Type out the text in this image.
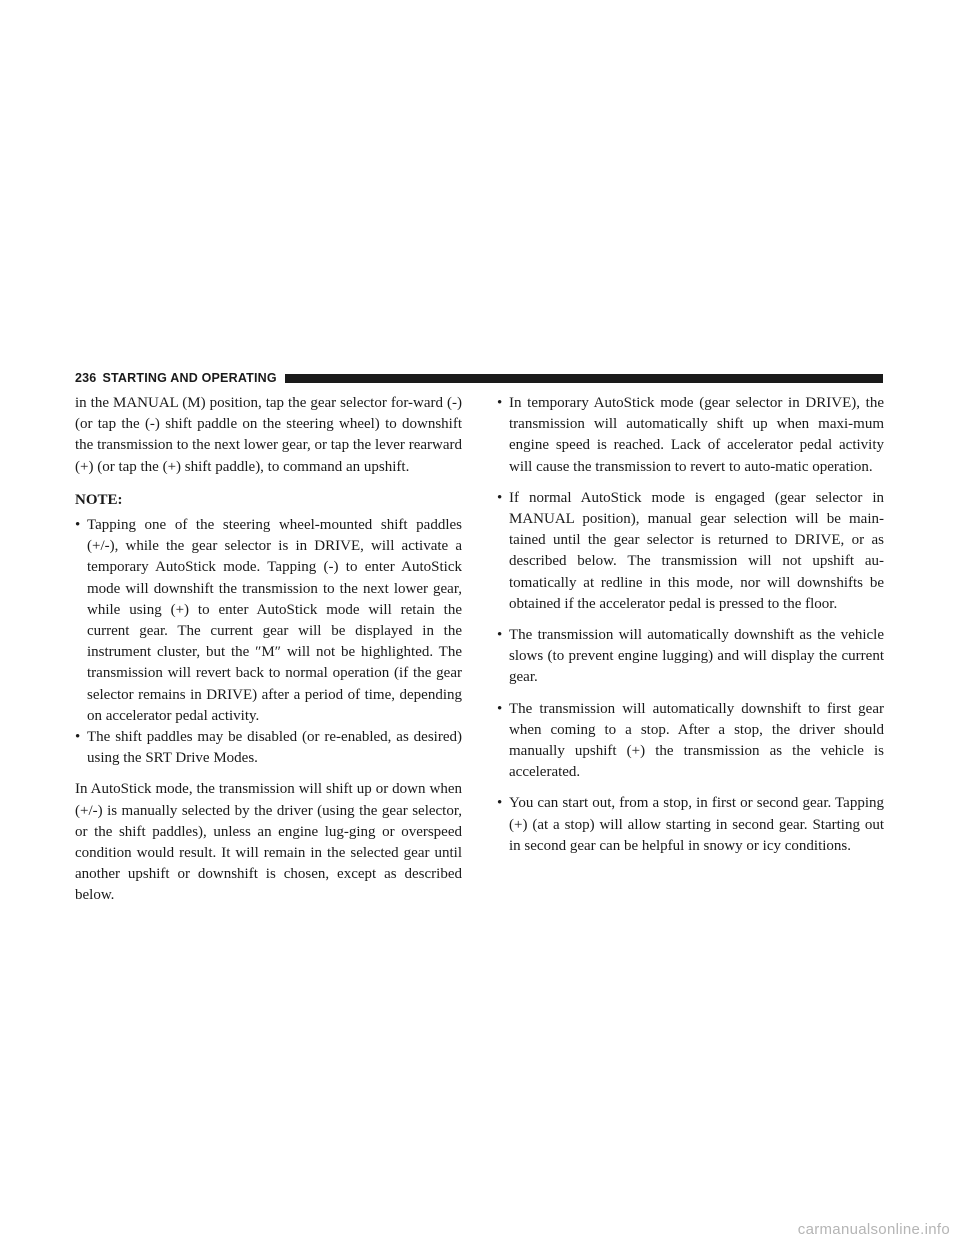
236 STARTING AND OPERATING

in the MANUAL (M) position, tap the gear selector for-ward (-) (or tap the (-) shift paddle on the steering wheel) to downshift the transmission to the next lower gear, or tap the lever rearward (+) (or tap the (+) shift paddle), to command an upshift.

NOTE:

• Tapping one of the steering wheel-mounted shift paddles (+/-), while the gear selector is in DRIVE, will activate a temporary AutoStick mode. Tapping (-) to enter AutoStick mode will downshift the transmission to the next lower gear, while using (+) to enter AutoStick mode will retain the current gear. The current gear will be displayed in the instrument cluster, but the ″M″ will not be highlighted. The transmission will revert back to normal operation (if the gear selector remains in DRIVE) after a period of time, depending on accelerator pedal activity.
• The shift paddles may be disabled (or re-enabled, as desired) using the SRT Drive Modes.

In AutoStick mode, the transmission will shift up or down when (+/-) is manually selected by the driver (using the gear selector, or the shift paddles), unless an engine lug-ging or overspeed condition would result. It will remain in the selected gear until another upshift or downshift is chosen, except as described below.

• In temporary AutoStick mode (gear selector in DRIVE), the transmission will automatically shift up when maxi-mum engine speed is reached. Lack of accelerator pedal activity will cause the transmission to revert to auto-matic operation.
• If normal AutoStick mode is engaged (gear selector in MANUAL position), manual gear selection will be main-tained until the gear selector is returned to DRIVE, or as described below. The transmission will not upshift au-tomatically at redline in this mode, nor will downshifts be obtained if the accelerator pedal is pressed to the floor.
• The transmission will automatically downshift as the vehicle slows (to prevent engine lugging) and will display the current gear.
• The transmission will automatically downshift to first gear when coming to a stop. After a stop, the driver should manually upshift (+) the transmission as the vehicle is accelerated.
• You can start out, from a stop, in first or second gear. Tapping (+) (at a stop) will allow starting in second gear. Starting out in second gear can be helpful in snowy or icy conditions.
carmanualsonline.info
